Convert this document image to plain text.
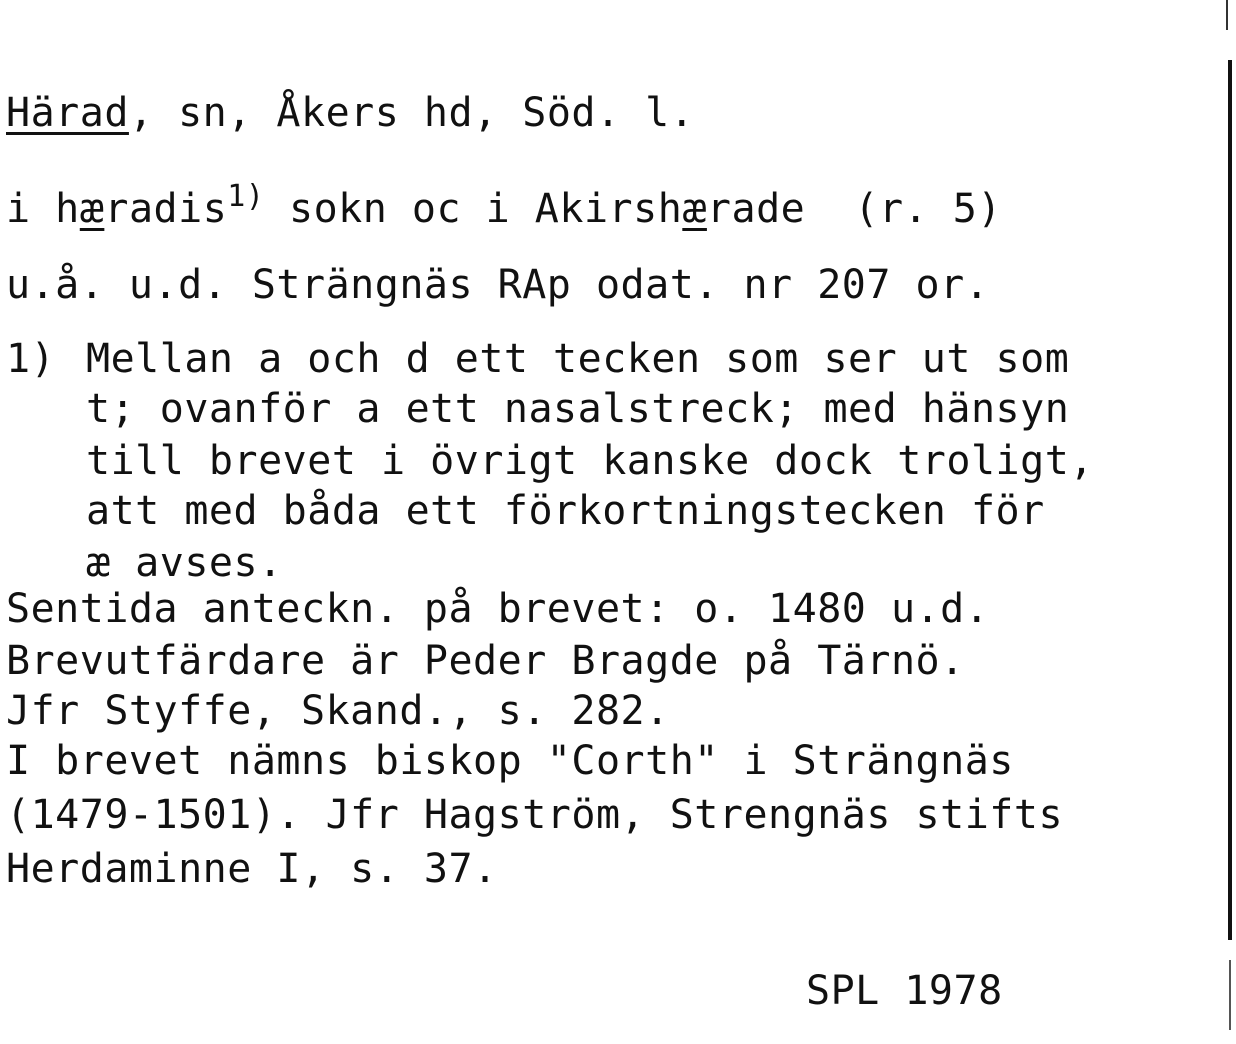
Härad, sn, Åkers hd, Söd. l.
i hæradis$^{1)}$ sokn oc i Akirshærade  (r. 5)
u.å. u.d. Strängnäs RAp odat. nr 207 or.
1) Mellan a och d ett tecken som ser ut som
t; ovanför a ett nasalstreck; med hänsyn
till brevet i övrigt kanske dock troligt,
att med båda ett förkortningstecken för
æ avses.
Sentida anteckn. på brevet: o. 1480 u.d.
Brevutfärdare är Peder Bragde på Tärnö.
Jfr Styffe, Skand., s. 282.
I brevet nämns biskop "Corth" i Strängnäs
(1479-1501). Jfr Hagström, Strengnäs stifts
Herdaminne I, s. 37.
SPL 1978
